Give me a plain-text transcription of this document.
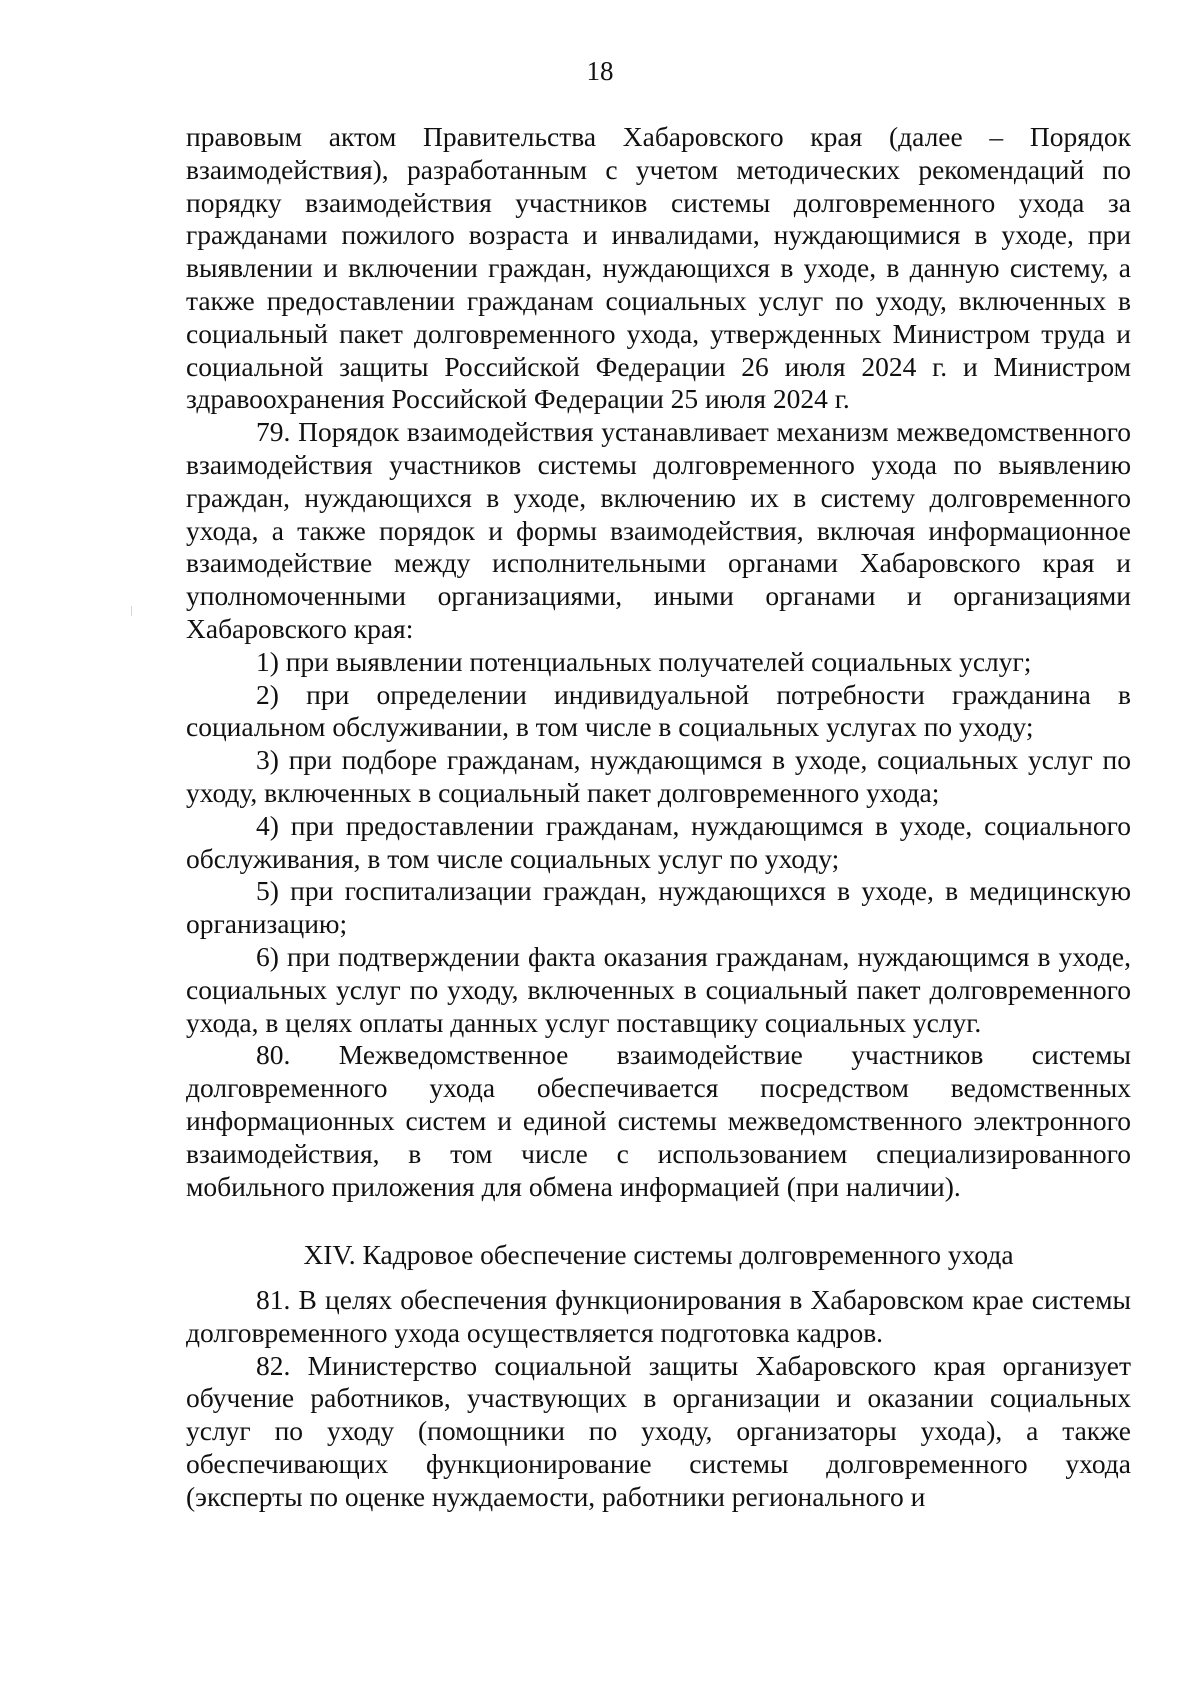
18

правовым актом Правительства Хабаровского края (далее – Порядок взаимодействия), разработанным с учетом методических рекомендаций по порядку взаимодействия участников системы долговременного ухода за гражданами пожилого возраста и инвалидами, нуждающимися в уходе, при выявлении и включении граждан, нуждающихся в уходе, в данную систему, а также предоставлении гражданам социальных услуг по уходу, включенных в социальный пакет долговременного ухода, утвержденных Министром труда и социальной защиты Российской Федерации 26 июля 2024 г. и Министром здравоохранения Российской Федерации 25 июля 2024 г.

79. Порядок взаимодействия устанавливает механизм межведомственного взаимодействия участников системы долговременного ухода по выявлению граждан, нуждающихся в уходе, включению их в систему долговременного ухода, а также порядок и формы взаимодействия, включая информационное взаимодействие между исполнительными органами Хабаровского края и уполномоченными организациями, иными органами и организациями Хабаровского края:

1) при выявлении потенциальных получателей социальных услуг;

2) при определении индивидуальной потребности гражданина в социальном обслуживании, в том числе в социальных услугах по уходу;

3) при подборе гражданам, нуждающимся в уходе, социальных услуг по уходу, включенных в социальный пакет долговременного ухода;

4) при предоставлении гражданам, нуждающимся в уходе, социального обслуживания, в том числе социальных услуг по уходу;

5) при госпитализации граждан, нуждающихся в уходе, в медицинскую организацию;

6) при подтверждении факта оказания гражданам, нуждающимся в уходе, социальных услуг по уходу, включенных в социальный пакет долговременного ухода, в целях оплаты данных услуг поставщику социальных услуг.

80. Межведомственное взаимодействие участников системы долговременного ухода обеспечивается посредством ведомственных информационных систем и единой системы межведомственного электронного взаимодействия, в том числе с использованием специализированного мобильного приложения для обмена информацией (при наличии).

XIV. Кадровое обеспечение системы долговременного ухода

81. В целях обеспечения функционирования в Хабаровском крае системы долговременного ухода осуществляется подготовка кадров.

82. Министерство социальной защиты Хабаровского края организует обучение работников, участвующих в организации и оказании социальных услуг по уходу (помощники по уходу, организаторы ухода), а также обеспечивающих функционирование системы долговременного ухода (эксперты по оценке нуждаемости, работники регионального и
